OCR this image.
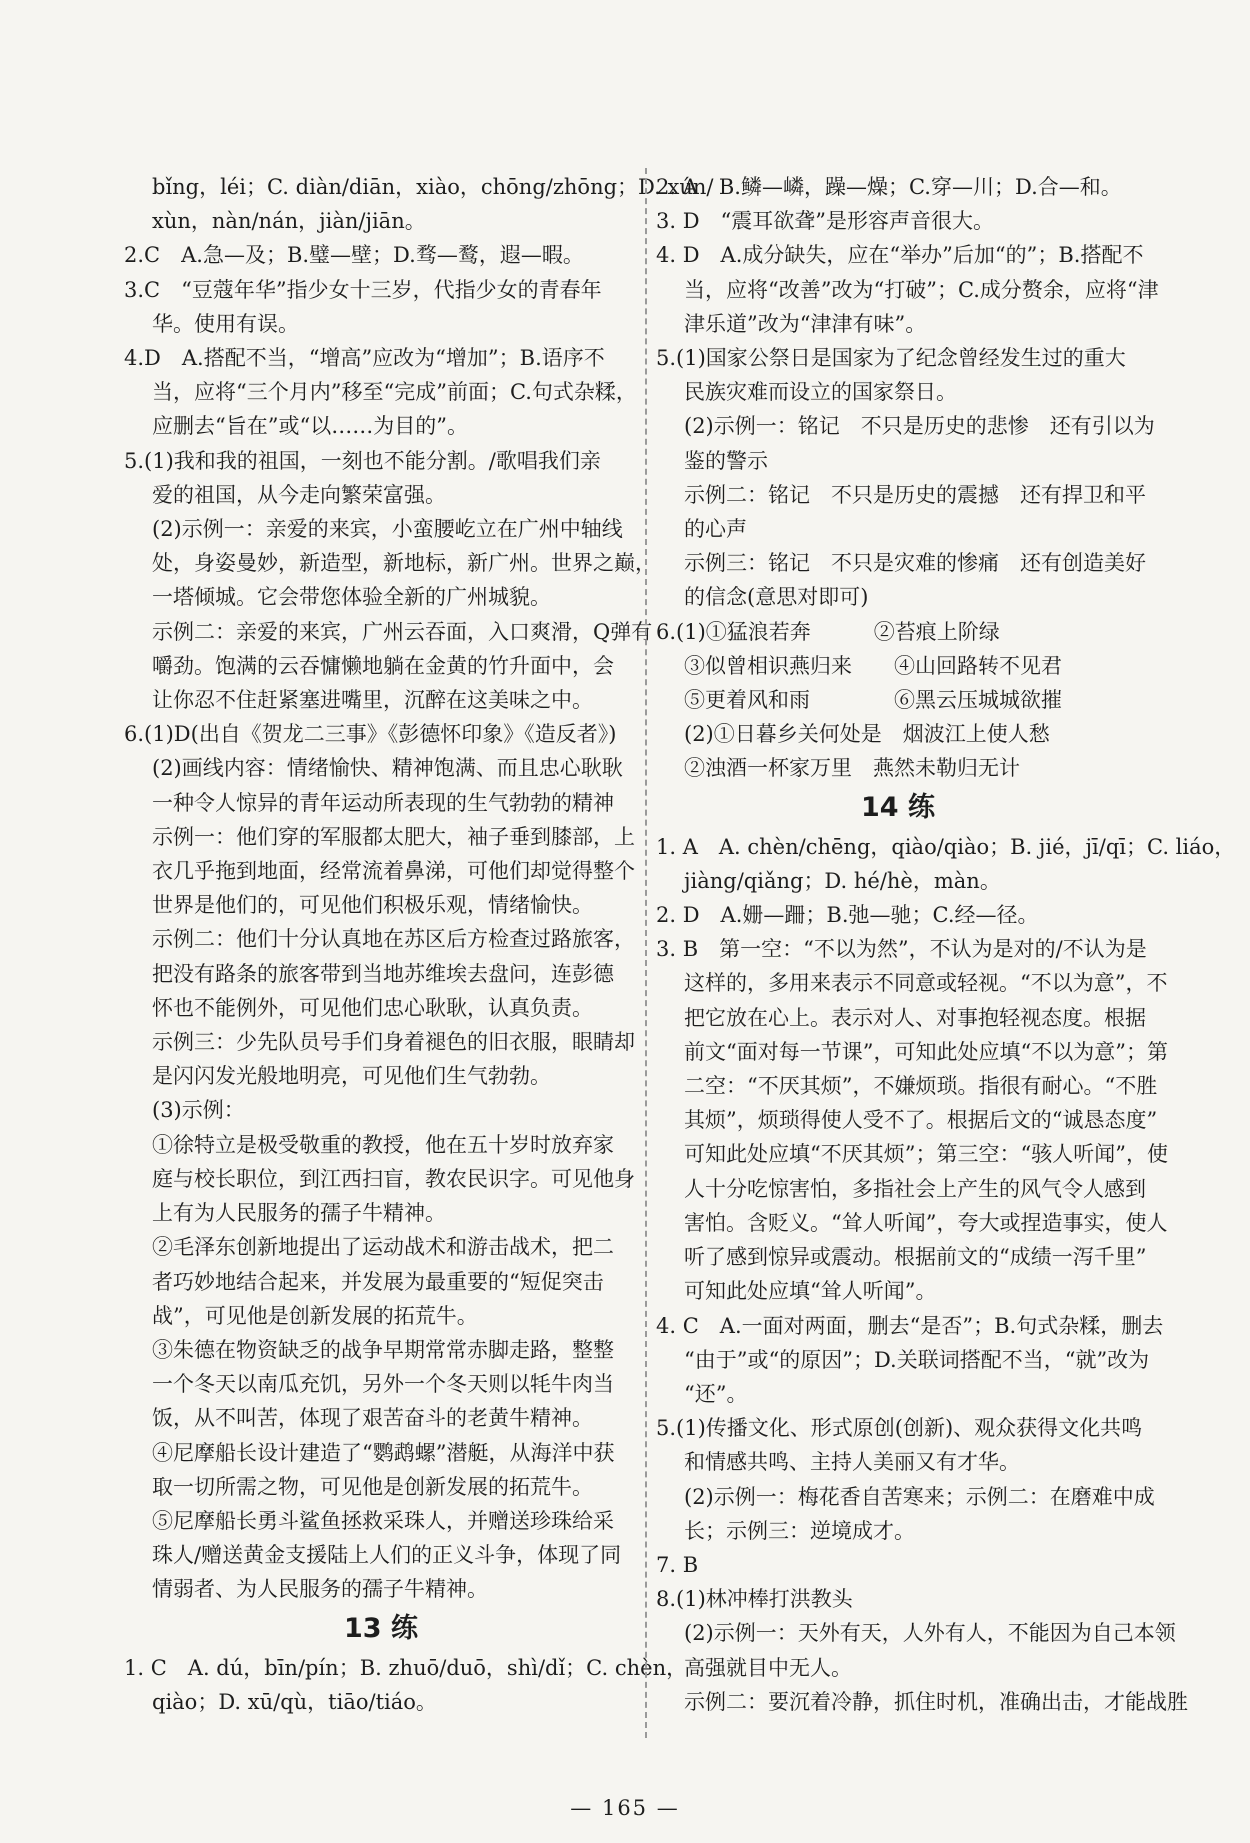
bǐng，léi；C. diàn/diān，xiào，chōng/zhōng；D. xún/
xùn，nàn/nán，jiàn/jiān。
2.C　A.急—及；B.璧—壁；D.骛—鹜，遐—暇。
3.C　“豆蔻年华”指少女十三岁，代指少女的青春年
华。使用有误。
4.D　A.搭配不当，“增高”应改为“增加”；B.语序不
当，应将“三个月内”移至“完成”前面；C.句式杂糅，
应删去“旨在”或“以……为目的”。
5.(1)我和我的祖国，一刻也不能分割。/歌唱我们亲
爱的祖国，从今走向繁荣富强。
(2)示例一：亲爱的来宾，小蛮腰屹立在广州中轴线
处，身姿曼妙，新造型，新地标，新广州。世界之巅，
一塔倾城。它会带您体验全新的广州城貌。
示例二：亲爱的来宾，广州云吞面，入口爽滑，Q弹有
嚼劲。饱满的云吞慵懒地躺在金黄的竹升面中，会
让你忍不住赶紧塞进嘴里，沉醉在这美味之中。
6.(1)D(出自《贺龙二三事》《彭德怀印象》《造反者》)
(2)画线内容：情绪愉快、精神饱满、而且忠心耿耿
一种令人惊异的青年运动所表现的生气勃勃的精神
示例一：他们穿的军服都太肥大，袖子垂到膝部，上
衣几乎拖到地面，经常流着鼻涕，可他们却觉得整个
世界是他们的，可见他们积极乐观，情绪愉快。
示例二：他们十分认真地在苏区后方检查过路旅客，
把没有路条的旅客带到当地苏维埃去盘问，连彭德
怀也不能例外，可见他们忠心耿耿，认真负责。
示例三：少先队员号手们身着褪色的旧衣服，眼睛却
是闪闪发光般地明亮，可见他们生气勃勃。
(3)示例：
①徐特立是极受敬重的教授，他在五十岁时放弃家
庭与校长职位，到江西扫盲，教农民识字。可见他身
上有为人民服务的孺子牛精神。
②毛泽东创新地提出了运动战术和游击战术，把二
者巧妙地结合起来，并发展为最重要的“短促突击
战”，可见他是创新发展的拓荒牛。
③朱德在物资缺乏的战争早期常常赤脚走路，整整
一个冬天以南瓜充饥，另外一个冬天则以牦牛肉当
饭，从不叫苦，体现了艰苦奋斗的老黄牛精神。
④尼摩船长设计建造了“鹦鹉螺”潜艇，从海洋中获
取一切所需之物，可见他是创新发展的拓荒牛。
⑤尼摩船长勇斗鲨鱼拯救采珠人，并赠送珍珠给采
珠人/赠送黄金支援陆上人们的正义斗争，体现了同
情弱者、为人民服务的孺子牛精神。
13 练
1. C　A. dú，bīn/pín；B. zhuō/duō，shì/dǐ；C. chèn，
qiào；D. xū/qù，tiāo/tiáo。
2. A　B.鳞—嶙，躁—燥；C.穿—川；D.合—和。
3. D　“震耳欲聋”是形容声音很大。
4. D　A.成分缺失，应在“举办”后加“的”；B.搭配不
当，应将“改善”改为“打破”；C.成分赘余，应将“津
津乐道”改为“津津有味”。
5.(1)国家公祭日是国家为了纪念曾经发生过的重大
民族灾难而设立的国家祭日。
(2)示例一：铭记　不只是历史的悲惨　还有引以为
鉴的警示
示例二：铭记　不只是历史的震撼　还有捍卫和平
的心声
示例三：铭记　不只是灾难的惨痛　还有创造美好
的信念(意思对即可)
6.(1)①猛浪若奔　　　②苔痕上阶绿
③似曾相识燕归来　　④山回路转不见君
⑤更着风和雨　　　　⑥黑云压城城欲摧
(2)①日暮乡关何处是　烟波江上使人愁
②浊酒一杯家万里　燕然未勒归无计
14 练
1. A　A. chèn/chēng，qiào/qiào；B. jié，jī/qī；C. liáo，
jiàng/qiǎng；D. hé/hè，màn。
2. D　A.姗—跚；B.弛—驰；C.经—径。
3. B　第一空：“不以为然”，不认为是对的/不认为是
这样的，多用来表示不同意或轻视。“不以为意”，不
把它放在心上。表示对人、对事抱轻视态度。根据
前文“面对每一节课”，可知此处应填“不以为意”；第
二空：“不厌其烦”，不嫌烦琐。指很有耐心。“不胜
其烦”，烦琐得使人受不了。根据后文的“诚恳态度”
可知此处应填“不厌其烦”；第三空：“骇人听闻”，使
人十分吃惊害怕，多指社会上产生的风气令人感到
害怕。含贬义。“耸人听闻”，夸大或捏造事实，使人
听了感到惊异或震动。根据前文的“成绩一泻千里”
可知此处应填“耸人听闻”。
4. C　A.一面对两面，删去“是否”；B.句式杂糅，删去
“由于”或“的原因”；D.关联词搭配不当，“就”改为
“还”。
5.(1)传播文化、形式原创(创新)、观众获得文化共鸣
和情感共鸣、主持人美丽又有才华。
(2)示例一：梅花香自苦寒来；示例二：在磨难中成
长；示例三：逆境成才。
7. B
8.(1)林冲棒打洪教头
(2)示例一：天外有天，人外有人，不能因为自己本领
高强就目中无人。
示例二：要沉着冷静，抓住时机，准确出击，才能战胜
— 165 —
